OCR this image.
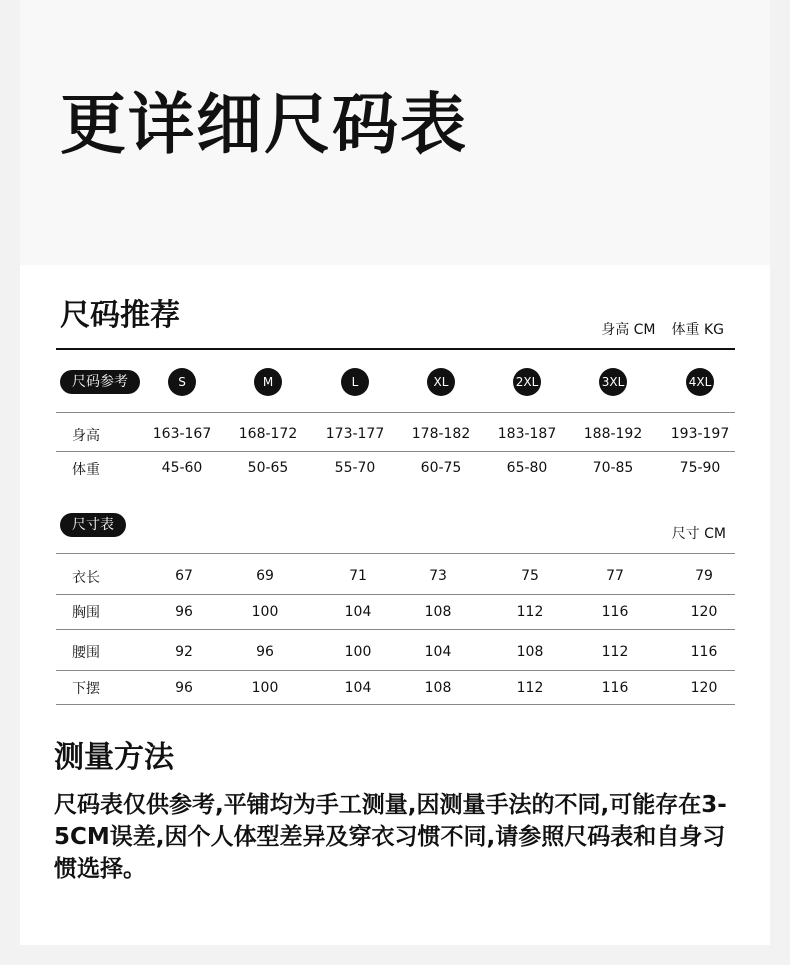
更详细尺码表
尺码推荐	身高 CM 体重 KG
尺码参考	S	M	L	XL	2XL	3XL	4XL
身高	163-167	168-172	173-177	178-182	183-187	188-192	193-197
体重	45-60	50-65	55-70	60-75	65-80	70-85	75-90
尺寸表
尺寸 CM
衣长	67	69	71	73	75	77	79
胸围	96	100	104	108	112	116	120
腰围	92	96	100	104	108	112	116
下摆	96	100	104	108	112	116	120
测量方法

尺码表仅供参考,平铺均为手工测量,因测量手法的不同,可能存在3-5CM误差,因个人体型差异及穿衣习惯不同,请参照尺码表和自身习惯选择。
